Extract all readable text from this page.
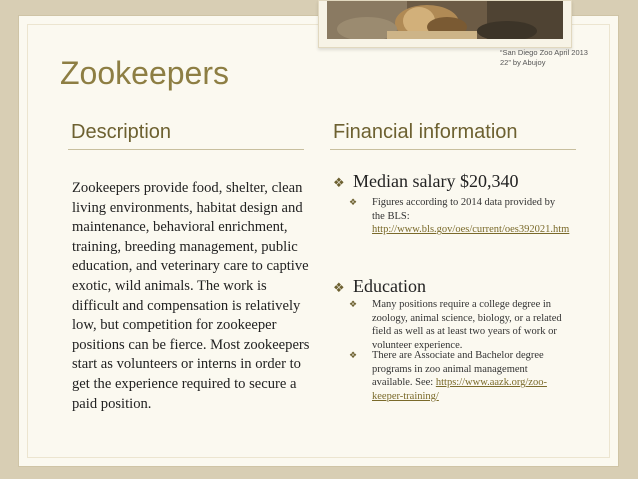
“San Diego Zoo April 2013 22” by Abujoy
Zookeepers
Description	Financial information
Zookeepers provide food, shelter, clean living environments, habitat design and maintenance, behavioral enrichment, training, breeding management, public education, and veterinary care to captive exotic, wild animals. The work is difficult and compensation is relatively low, but competition for zookeeper positions can be fierce. Most zookeepers start as volunteers or interns in order to get the experience required to secure a paid position.
❖ Median salary $20,340
❖ Figures according to 2014 data provided by the BLS: http://www.bls.gov/oes/current/oes392021.htm
❖ Education
❖ Many positions require a college degree in zoology, animal science, biology, or a related field as well as at least two years of work or volunteer experience.
❖ There are Associate and Bachelor degree programs in zoo animal management available. See: https://www.aazk.org/zoo-keeper-training/
